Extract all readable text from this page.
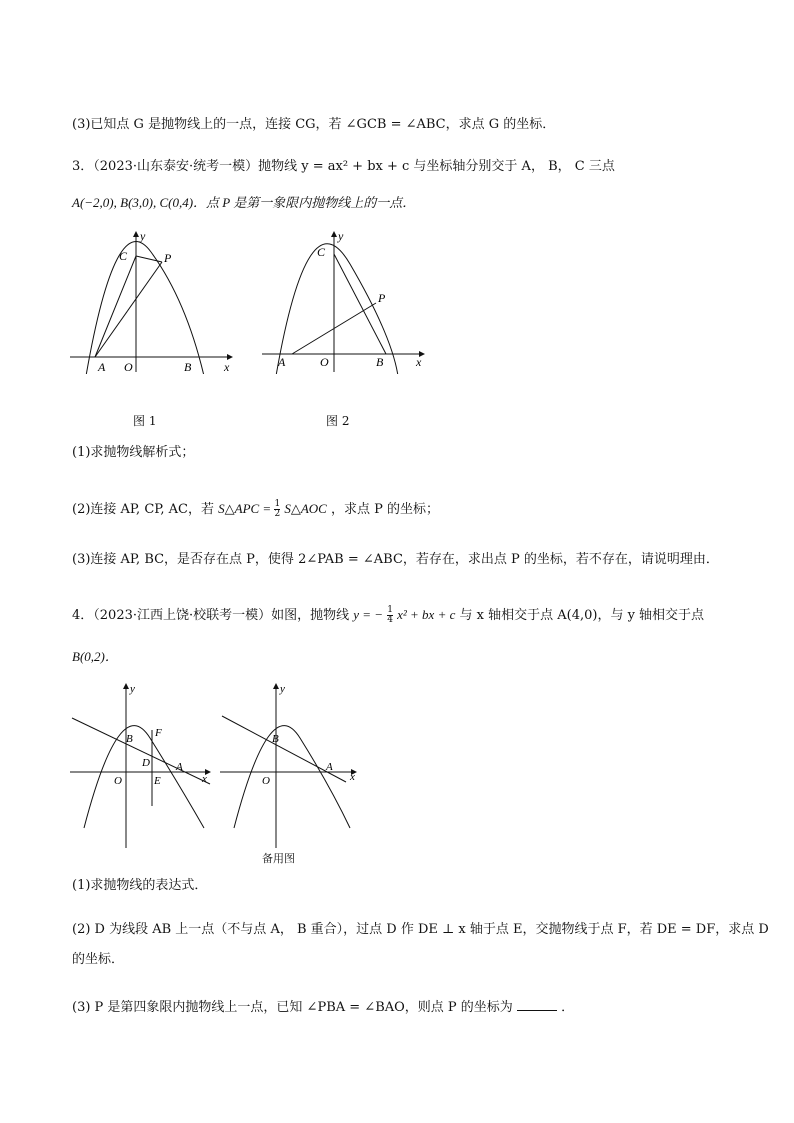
(3)已知点 G 是抛物线上的一点，连接 CG，若 ∠GCB = ∠ABC，求点 G 的坐标．
3．（2023·山东泰安·统考一模）抛物线 y = ax² + bx + c 与坐标轴分别交于 A， B， C 三点
A(−2,0), B(3,0), C(0,4)．点 P 是第一象限内抛物线上的一点．
C
y
P
A O	B	x
图 1
C
y
P
A	O	B	x
图 2
(1)求抛物线解析式；
(2)连接 AP, CP, AC，若 S△APC = $\frac{1}{2}$ S△AOC ，求点 P 的坐标；
(3)连接 AP, BC，是否存在点 P，使得 2∠PAB = ∠ABC，若存在，求出点 P 的坐标，若不存在，请说明理由．
4．（2023·江西上饶·校联考一模）如图，抛物线 y = − $\frac{1}{4} x^2$ + bx + c 与 x 轴相交于点 A(4,0)，与 y 轴相交于点
B(0,2)．
y
B F
D A
O	E	x
y
B
A
O	x
备用图
(1)求抛物线的表达式．
(2) D 为线段 AB 上一点（不与点 A， B 重合），过点 D 作 DE ⊥ x 轴于点 E，交抛物线于点 F，若 DE = DF，求点 D
的坐标．
(3) P 是第四象限内抛物线上一点，已知 ∠PBA = ∠BAO，则点 P 的坐标为	．
